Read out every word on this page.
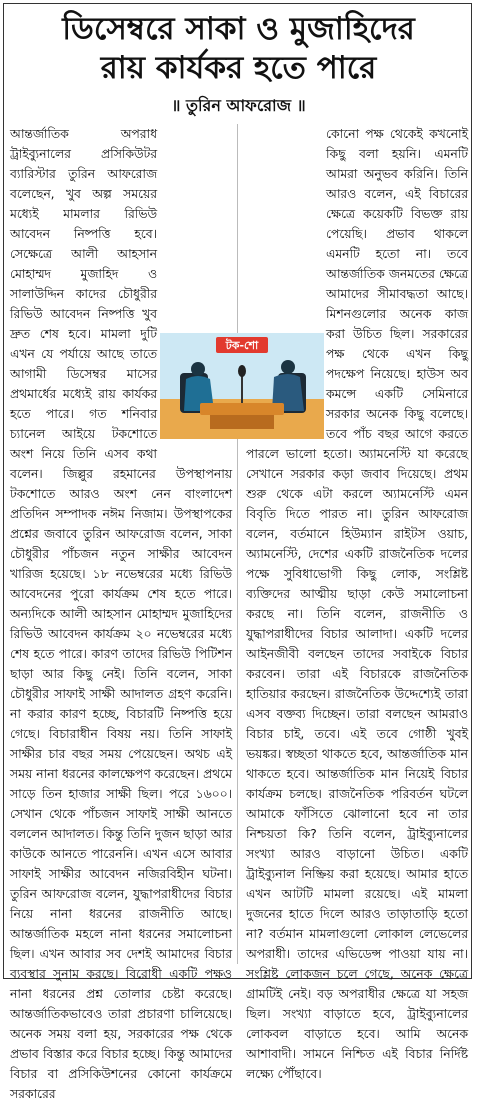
ডিসেম্বরে সাকা ও মুজাহিদের
রায় কার্যকর হতে পারে
॥ তুরিন আফরোজ ॥

আন্তর্জাতিক অপরাধ ট্রাইব্যুনালের প্রসিকিউটর ব্যারিস্টার তুরিন আফরোজ বলেছেন, খুব অল্প সময়ের মধ্যেই মামলার রিভিউ আবেদন নিষ্পত্তি হবে। সেক্ষেত্রে আলী আহসান মোহাম্মদ মুজাহিদ ও সালাউদ্দিন কাদের চৌধুরীর রিভিউ আবেদন নিষ্পত্তি খুব দ্রুত শেষ হবে। মামলা দুটি এখন যে পর্যায়ে আছে তাতে আগামী ডিসেম্বর মাসের প্রথমার্ধের মধ্যেই রায় কার্যকর হতে পারে। গত শনিবার চ্যানেল আইয়ে টকশোতে অংশ নিয়ে তিনি এসব কথা বলেন। জিল্লুর রহমানের উপস্থাপনায় টকশোতে আরও অংশ নেন বাংলাদেশ প্রতিদিন সম্পাদক নঈম নিজাম। উপস্থাপকের প্রশ্নের জবাবে তুরিন আফরোজ বলেন, সাকা চৌধুরীর পাঁচজন নতুন সাক্ষীর আবেদন খারিজ হয়েছে। ১৮ নভেম্বরের মধ্যে রিভিউ আবেদনের পুরো কার্যক্রম শেষ হতে পারে। অন্যদিকে আলী আহসান মোহাম্মদ মুজাহিদের রিভিউ আবেদন কার্যক্রম ২০ নভেম্বরের মধ্যে শেষ হতে পারে। কারণ তাদের রিভিউ পিটিশন ছাড়া আর কিছু নেই। তিনি বলেন, সাকা চৌধুরীর সাফাই সাক্ষী আদালত গ্রহণ করেনি। না করার কারণ হচ্ছে, বিচারটি নিষ্পত্তি হয়ে গেছে। বিচারাধীন বিষয় নয়। তিনি সাফাই সাক্ষীর চার বছর সময় পেয়েছেন। অথচ এই সময় নানা ধরনের কালক্ষেপণ করেছেন। প্রথমে সাড়ে তিন হাজার সাক্ষী ছিল। পরে ১৬০০। সেখান থেকে পাঁচজন সাফাই সাক্ষী আনতে বললেন আদালত। কিন্তু তিনি দুজন ছাড়া আর কাউকে আনতে পারেননি। এখন এসে আবার সাফাই সাক্ষীর আবেদন নজিরবিহীন ঘটনা। তুরিন আফরোজ বলেন, যুদ্ধাপরাধীদের বিচার নিয়ে নানা ধরনের রাজনীতি আছে। আন্তর্জাতিক মহলে নানা ধরনের সমালোচনা ছিল। এখন আবার সব দেশই আমাদের বিচার ব্যবস্থার সুনাম করছে। বিরোধী একটি পক্ষও নানা ধরনের প্রশ্ন তোলার চেষ্টা করেছে। আন্তর্জাতিকভাবেও তারা প্রচারণা চালিয়েছে। অনেক সময় বলা হয়, সরকারের পক্ষ থেকে প্রভাব বিস্তার করে বিচার হচ্ছে। কিন্তু আমাদের বিচার বা প্রসিকিউশনের কোনো কার্যক্রমে সরকারের

কোনো পক্ষ থেকেই কখনোই কিছু বলা হয়নি। এমনটি আমরা অনুভব করিনি। তিনি আরও বলেন, এই বিচারের ক্ষেত্রে কয়েকটি বিভক্ত রায় পেয়েছি। প্রভাব থাকলে এমনটি হতো না। তবে আন্তর্জাতিক জনমতের ক্ষেত্রে আমাদের সীমাবদ্ধতা আছে। মিশনগুলোর অনেক কাজ করা উচিত ছিল। সরকারের পক্ষ থেকে এখন কিছু পদক্ষেপ নিয়েছে। হাউস অব কমন্সে একটি সেমিনারে সরকার অনেক কিছু বলেছে। তবে পাঁচ বছর আগে করতে পারলে ভালো হতো। অ্যামনেস্টি যা করেছে সেখানে সরকার কড়া জবাব দিয়েছে। প্রথম শুরু থেকে এটা করলে অ্যামনেস্টি এমন বিবৃতি দিতে পারত না। তুরিন আফরোজ বলেন, বর্তমানে হিউম্যান রাইটস ওয়াচ, অ্যামনেস্টি, দেশের একটি রাজনৈতিক দলের পক্ষে সুবিধাভোগী কিছু লোক, সংশ্লিষ্ট ব্যক্তিদের আত্মীয় ছাড়া কেউ সমালোচনা করছে না। তিনি বলেন, রাজনীতি ও যুদ্ধাপরাধীদের বিচার আলাদা। একটি দলের আইনজীবী বলছেন তাদের সবাইকে বিচার করবেন। তারা এই বিচারকে রাজনৈতিক হাতিয়ার করছেন। রাজনৈতিক উদ্দেশ্যেই তারা এসব বক্তব্য দিচ্ছেন। তারা বলছেন আমরাও বিচার চাই, তবে। এই তবে গোষ্ঠী খুবই ভয়ঙ্কর। স্বচ্ছতা থাকতে হবে, আন্তর্জাতিক মান থাকতে হবে। আন্তর্জাতিক মান নিয়েই বিচার কার্যক্রম চলছে। রাজনৈতিক পরিবর্তন ঘটলে আমাকে ফাঁসিতে ঝোলানো হবে না তার নিশ্চয়তা কি? তিনি বলেন, ট্রাইব্যুনালের সংখ্যা আরও বাড়ানো উচিত। একটি ট্রাইব্যুনাল নিষ্ক্রিয় করা হয়েছে। আমার হাতে এখন আটটি মামলা রয়েছে। এই মামলা দুজনের হাতে দিলে আরও তাড়াতাড়ি হতো না? বর্তমান মামলাগুলো লোকাল লেভেলের অপরাধী। তাদের এভিডেন্স পাওয়া যায় না। সংশ্লিষ্ট লোকজন চলে গেছে, অনেক ক্ষেত্রে গ্রামটিই নেই। বড় অপরাধীর ক্ষেত্রে যা সহজ ছিল। সংখ্যা বাড়াতে হবে, ট্রাইব্যুনালের লোকবল বাড়াতে হবে। আমি অনেক আশাবাদী। সামনে নিশ্চিত এই বিচার নির্দিষ্ট লক্ষ্যে পৌঁছাবে।

টক-শো
